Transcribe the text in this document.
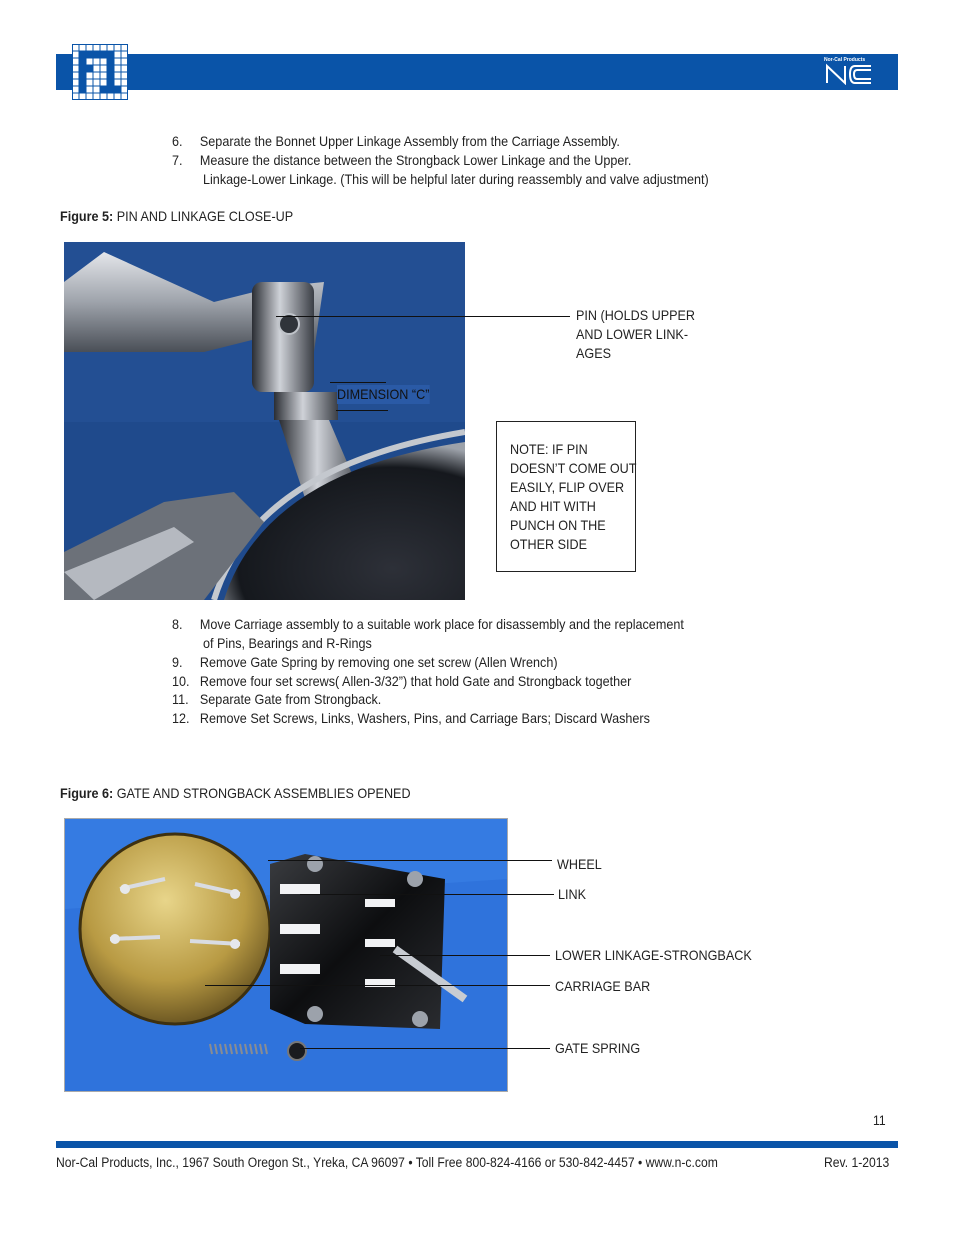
Nor-Cal Products
6. Separate the Bonnet Upper Linkage Assembly from the Carriage Assembly.
7. Measure the distance between the Strongback Lower Linkage and the Upper.
Linkage-Lower Linkage. (This will be helpful later during reassembly and valve adjustment)
Figure 5: PIN AND LINKAGE CLOSE-UP
PIN (HOLDS UPPER
AND LOWER LINK-
AGES
DIMENSION “C”
NOTE: IF PIN
DOESN’T COME OUT
EASILY, FLIP OVER
AND HIT WITH
PUNCH ON THE
OTHER SIDE
8. Move Carriage assembly to a suitable work place for disassembly and the replacement
of Pins, Bearings and R-Rings
9. Remove Gate Spring by removing one set screw (Allen Wrench)
10. Remove four set screws( Allen-3/32”) that hold Gate and Strongback together
11. Separate Gate from Strongback.
12. Remove Set Screws, Links, Washers, Pins, and Carriage Bars; Discard Washers
Figure 6: GATE AND STRONGBACK ASSEMBLIES OPENED
WHEEL
LINK
LOWER LINKAGE-STRONGBACK
CARRIAGE BAR
GATE SPRING
11
Nor-Cal Products, Inc., 1967 South Oregon St., Yreka, CA 96097 • Toll Free 800-824-4166 or 530-842-4457 • www.n-c.com	Rev. 1-2013
